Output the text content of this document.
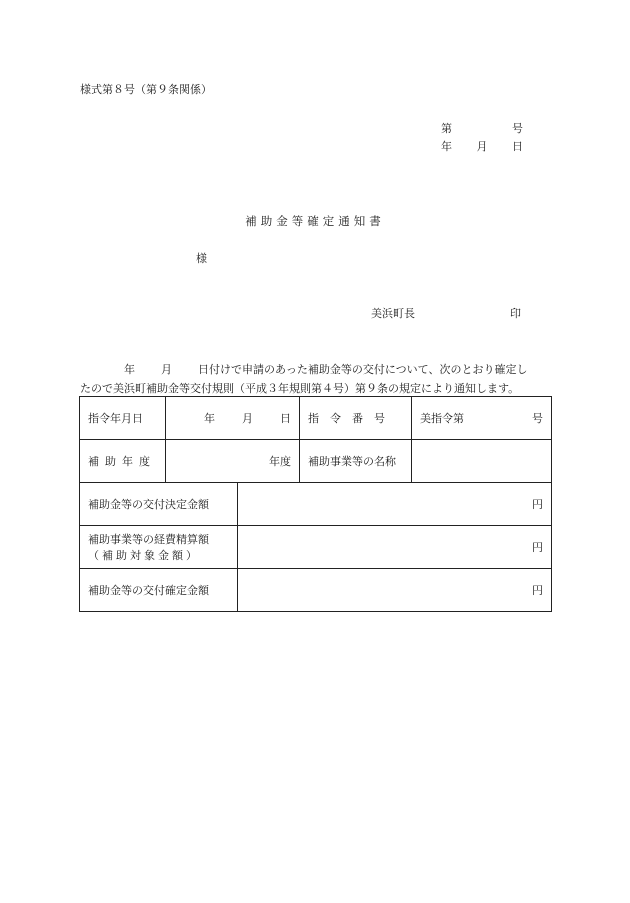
様式第８号（第９条関係）
第	号
年 月 日
補助金等確定通知書
様
美浜町長	印
年 月 日付けで申請のあった補助金等の交付について、次のとおり確定し
たので美浜町補助金等交付規則（平成３年規則第４号）第９条の規定により通知します。
指令年月日	年 月 日		指　令　番　号	美指令第 号

補助年度	年度		補助事業等の名称	
補助金等の交付決定金額		円		

補助事業等の経費精算額
（補助対象金額）		円		
補助金等の交付確定金額		円		
